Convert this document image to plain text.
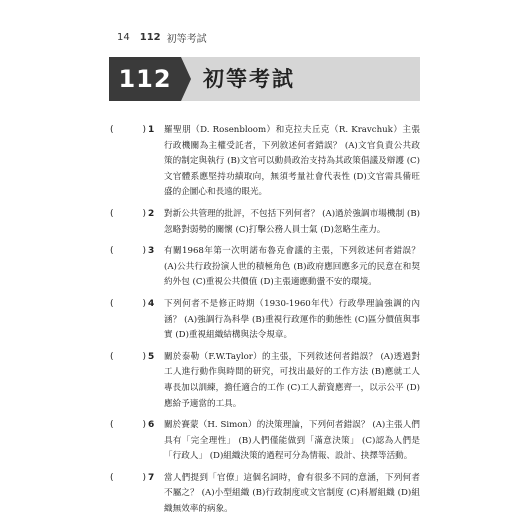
14 112 初等考試
112	初等考試
(	) 1	羅聖朋（D. Rosenbloom）和克拉夫丘克（R. Kravchuk）主張行政機關為主權受託者，下列敘述何者錯誤？ (A)文官負責公共政策的制定與執行 (B)文官可以動員政治支持為其政策倡議及辯護 (C)文官體系應堅持功績取向，無須考量社會代表性 (D)文官需具備旺盛的企圖心和長遠的眼光。
(	) 2	對新公共管理的批評，不包括下列何者？ (A)過於強調市場機制 (B)忽略對弱勢的關懷 (C)打擊公務人員士氣 (D)忽略生產力。
(	) 3	有關1968年第一次明諾布魯克會議的主張，下列敘述何者錯誤？ (A)公共行政扮演人世的積極角色 (B)政府應回應多元的民意在和契約外包 (C)重視公共價值 (D)主張適應動盪不安的環境。
(	) 4	下列何者不是修正時期（1930-1960年代）行政學理論強調的內涵？ (A)強調行為科學 (B)重視行政運作的動態性 (C)區分價值與事實 (D)重視組織結構與法令規章。
(	) 5	關於泰勒（F.W.Taylor）的主張，下列敘述何者錯誤？ (A)透過對工人進行動作與時間的研究，可找出最好的工作方法 (B)應就工人專長加以訓練，擔任適合的工作 (C)工人薪資應齊一，以示公平 (D)應給予適當的工具。
(	) 6	關於賽蒙（H. Simon）的決策理論，下列何者錯誤？ (A)主張人們具有「完全理性」 (B)人們僅能做到「滿意決策」 (C)認為人們是「行政人」 (D)組織決策的過程可分為情報、設計、抉擇等活動。
(	) 7	當人們提到「官僚」這個名詞時，會有很多不同的意涵，下列何者不屬之？ (A)小型組織 (B)行政制度或文官制度 (C)科層組織 (D)組織無效率的病象。
